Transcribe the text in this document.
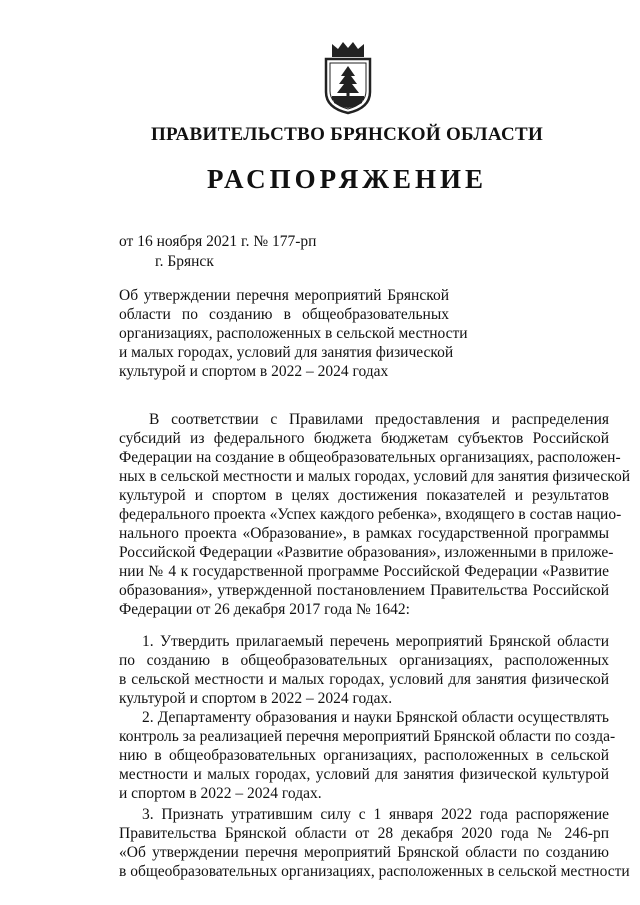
ПРАВИТЕЛЬСТВО БРЯНСКОЙ ОБЛАСТИ
РАСПОРЯЖЕНИЕ
от 16 ноября 2021 г. № 177-рп
г. Брянск
Об утверждении перечня мероприятий Брянской
области по созданию в общеобразовательных
организациях, расположенных в сельской местности
и малых городах, условий для занятия физической
культурой и спортом в 2022 – 2024 годах
В соответствии с Правилами предоставления и распределения
субсидий из федерального бюджета бюджетам субъектов Российской
Федерации на создание в общеобразовательных организациях, расположен-
ных в сельской местности и малых городах, условий для занятия физической
культурой и спортом в целях достижения показателей и результатов
федерального проекта «Успех каждого ребенка», входящего в состав нацио-
нального проекта «Образование», в рамках государственной программы
Российской Федерации «Развитие образования», изложенными в приложе-
нии № 4 к государственной программе Российской Федерации «Развитие
образования», утвержденной постановлением Правительства Российской
Федерации от 26 декабря 2017 года № 1642:
1. Утвердить прилагаемый перечень мероприятий Брянской области
по созданию в общеобразовательных организациях, расположенных
в сельской местности и малых городах, условий для занятия физической
культурой и спортом в 2022 – 2024 годах.
2. Департаменту образования и науки Брянской области осуществлять
контроль за реализацией перечня мероприятий Брянской области по созда-
нию в общеобразовательных организациях, расположенных в сельской
местности и малых городах, условий для занятия физической культурой
и спортом в 2022 – 2024 годах.
3. Признать утратившим силу с 1 января 2022 года распоряжение
Правительства Брянской области от 28 декабря 2020 года № 246-рп
«Об утверждении перечня мероприятий Брянской области по созданию
в общеобразовательных организациях, расположенных в сельской местности
